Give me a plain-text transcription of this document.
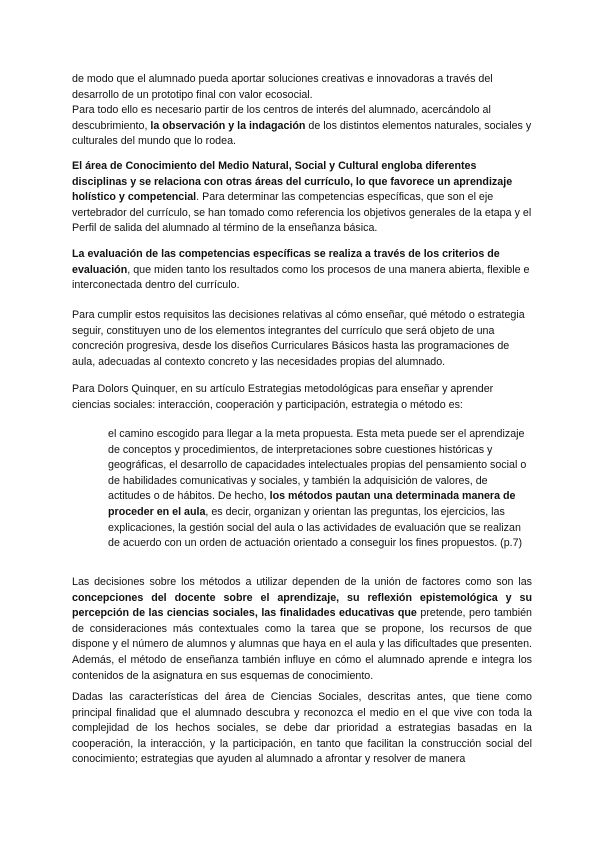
de modo que el alumnado pueda aportar soluciones creativas e innovadoras a través del desarrollo de un prototipo final con valor ecosocial.

Para todo ello es necesario partir de los centros de interés del alumnado, acercándolo al descubrimiento, la observación y la indagación de los distintos elementos naturales, sociales y culturales del mundo que lo rodea.

El área de Conocimiento del Medio Natural, Social y Cultural engloba diferentes disciplinas y se relaciona con otras áreas del currículo, lo que favorece un aprendizaje holístico y competencial. Para determinar las competencias específicas, que son el eje vertebrador del currículo, se han tomado como referencia los objetivos generales de la etapa y el Perfil de salida del alumnado al término de la enseñanza básica.

La evaluación de las competencias específicas se realiza a través de los criterios de evaluación, que miden tanto los resultados como los procesos de una manera abierta, flexible e interconectada dentro del currículo.

Para cumplir estos requisitos las decisiones relativas al cómo enseñar, qué método o estrategia seguir, constituyen uno de los elementos integrantes del currículo que será objeto de una concreción progresiva, desde los diseños Curriculares Básicos hasta las programaciones de aula, adecuadas al contexto concreto y las necesidades propias del alumnado.

Para Dolors Quinquer, en su artículo Estrategias metodológicas para enseñar y aprender ciencias sociales: interacción, cooperación y participación, estrategia o método es:

el camino escogido para llegar a la meta propuesta. Esta meta puede ser el aprendizaje de conceptos y procedimientos, de interpretaciones sobre cuestiones históricas y geográficas, el desarrollo de capacidades intelectuales propias del pensamiento social o de habilidades comunicativas y sociales, y también la adquisición de valores, de actitudes o de hábitos. De hecho, los métodos pautan una determinada manera de proceder en el aula, es decir, organizan y orientan las preguntas, los ejercicios, las explicaciones, la gestión social del aula o las actividades de evaluación que se realizan de acuerdo con un orden de actuación orientado a conseguir los fines propuestos. (p.7)

Las decisiones sobre los métodos a utilizar dependen de la unión de factores como son las concepciones del docente sobre el aprendizaje, su reflexión epistemológica y su percepción de las ciencias sociales, las finalidades educativas que pretende, pero también de consideraciones más contextuales como la tarea que se propone, los recursos de que dispone y el número de alumnos y alumnas que haya en el aula y las dificultades que presenten. Además, el método de enseñanza también influye en cómo el alumnado aprende e integra los contenidos de la asignatura en sus esquemas de conocimiento.

Dadas las características del área de Ciencias Sociales, descritas antes, que tiene como principal finalidad que el alumnado descubra y reconozca el medio en el que vive con toda la complejidad de los hechos sociales, se debe dar prioridad a estrategias basadas en la cooperación, la interacción, y la participación, en tanto que facilitan la construcción social del conocimiento; estrategias que ayuden al alumnado a afrontar y resolver de manera
